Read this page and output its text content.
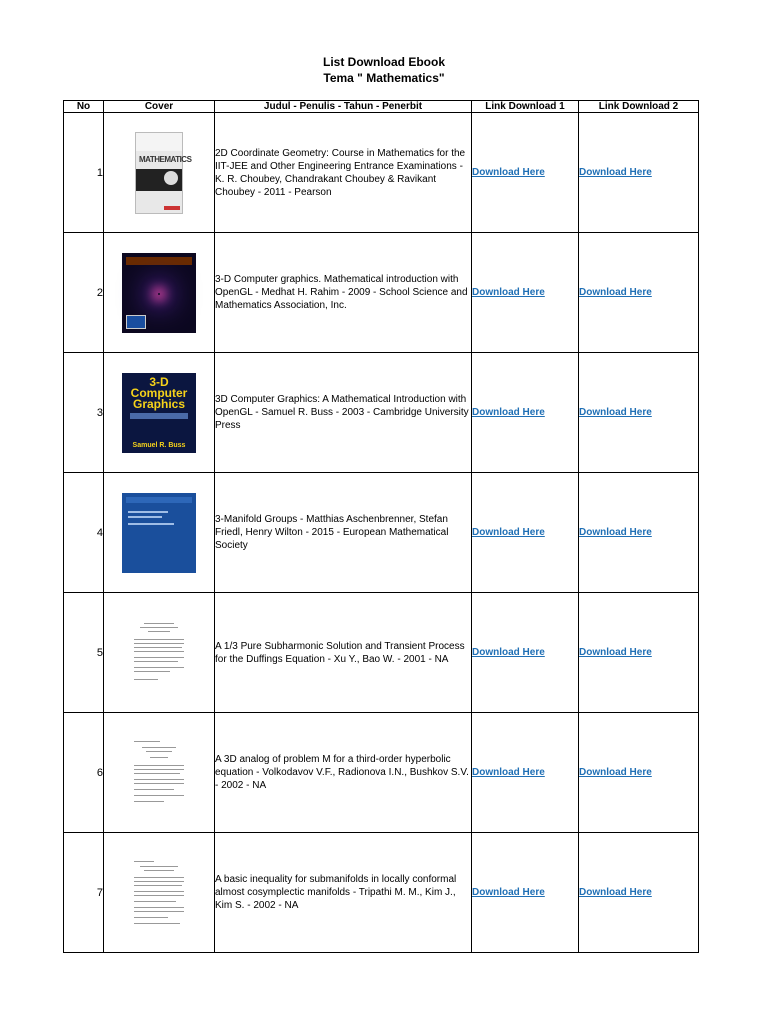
List Download Ebook
Tema " Mathematics"
No	Cover	Judul - Penulis - Tahun - Penerbit	Link Download 1	Link Download 2
1	MATHEMATICS	2D Coordinate Geometry: Course in Mathematics for the IIT-JEE and Other Engineering Entrance Examinations - K. R. Choubey, Chandrakant Choubey & Ravikant Choubey - 2011 - Pearson	Download Here	Download Here
2		3-D Computer graphics. Mathematical introduction with OpenGL - Medhat H. Rahim - 2009 - School Science and Mathematics Association, Inc.	Download Here	Download Here
3	3-D
Computer
Graphics
Samuel R. Buss	3D Computer Graphics: A Mathematical Introduction with OpenGL - Samuel R. Buss - 2003 - Cambridge University Press	Download Here	Download Here
4		3-Manifold Groups - Matthias Aschenbrenner, Stefan Friedl, Henry Wilton - 2015 - European Mathematical Society	Download Here	Download Here
5		A 1/3 Pure Subharmonic Solution and Transient Process for the Duffings Equation - Xu Y., Bao W. - 2001 - NA	Download Here	Download Here
6		A 3D analog of problem M for a third-order hyperbolic equation - Volkodavov V.F., Radionova I.N., Bushkov S.V. - 2002 - NA	Download Here	Download Here
7		A basic inequality for submanifolds in locally conformal almost cosymplectic manifolds - Tripathi M. M., Kim J., Kim S. - 2002 - NA	Download Here	Download Here
